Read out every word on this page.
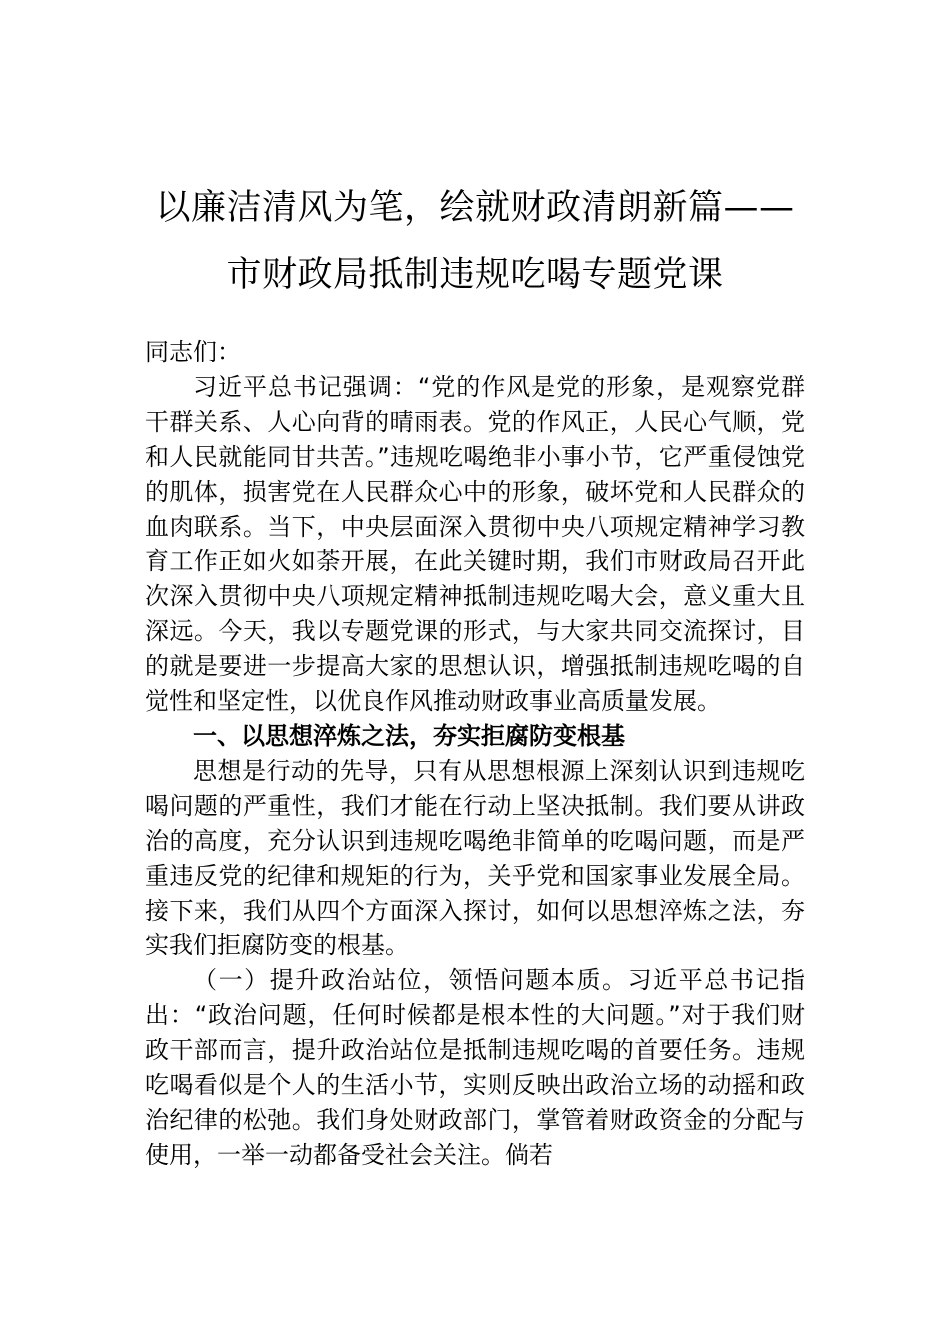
以廉洁清风为笔，绘就财政清朗新篇——
市财政局抵制违规吃喝专题党课

同志们：

习近平总书记强调：“党的作风是党的形象，是观察党群干群关系、人心向背的晴雨表。党的作风正，人民心气顺，党和人民就能同甘共苦。”违规吃喝绝非小事小节，它严重侵蚀党的肌体，损害党在人民群众心中的形象，破坏党和人民群众的血肉联系。当下，中央层面深入贯彻中央八项规定精神学习教育工作正如火如荼开展，在此关键时期，我们市财政局召开此次深入贯彻中央八项规定精神抵制违规吃喝大会，意义重大且深远。今天，我以专题党课的形式，与大家共同交流探讨，目的就是要进一步提高大家的思想认识，增强抵制违规吃喝的自觉性和坚定性，以优良作风推动财政事业高质量发展。

一、以思想淬炼之法，夯实拒腐防变根基

思想是行动的先导，只有从思想根源上深刻认识到违规吃喝问题的严重性，我们才能在行动上坚决抵制。我们要从讲政治的高度，充分认识到违规吃喝绝非简单的吃喝问题，而是严重违反党的纪律和规矩的行为，关乎党和国家事业发展全局。接下来，我们从四个方面深入探讨，如何以思想淬炼之法，夯实我们拒腐防变的根基。

（一）提升政治站位，领悟问题本质。习近平总书记指出：“政治问题，任何时候都是根本性的大问题。”对于我们财政干部而言，提升政治站位是抵制违规吃喝的首要任务。违规吃喝看似是个人的生活小节，实则反映出政治立场的动摇和政治纪律的松弛。我们身处财政部门，掌管着财政资金的分配与使用，一举一动都备受社会关注。倘若
